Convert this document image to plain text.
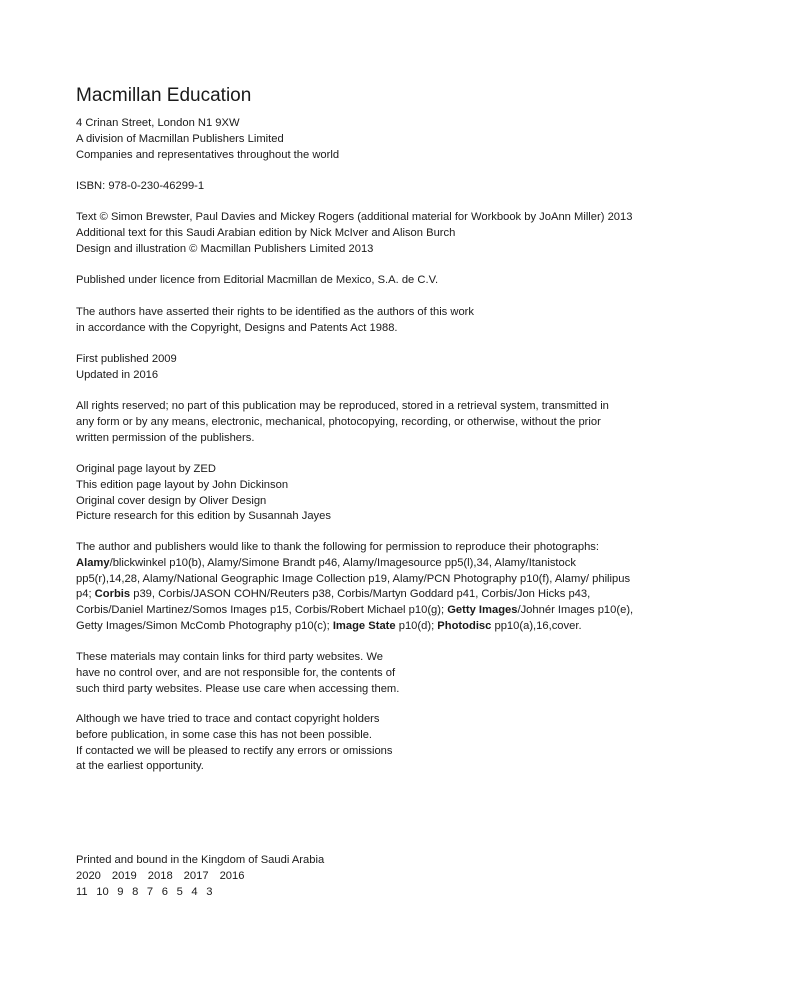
Macmillan Education
4 Crinan Street, London N1 9XW
A division of Macmillan Publishers Limited
Companies and representatives throughout the world
ISBN: 978-0-230-46299-1
Text © Simon Brewster, Paul Davies and Mickey Rogers (additional material for Workbook by JoAnn Miller) 2013
Additional text for this Saudi Arabian edition by Nick McIver and Alison Burch
Design and illustration © Macmillan Publishers Limited 2013
Published under licence from Editorial Macmillan de Mexico, S.A. de C.V.
The authors have asserted their rights to be identified as the authors of this work
in accordance with the Copyright, Designs and Patents Act 1988.
First published 2009
Updated in 2016
All rights reserved; no part of this publication may be reproduced, stored in a retrieval system, transmitted in
any form or by any means, electronic, mechanical, photocopying, recording, or otherwise, without the prior
written permission of the publishers.
Original page layout by ZED
This edition page layout by John Dickinson
Original cover design by Oliver Design
Picture research for this edition by Susannah Jayes
The author and publishers would like to thank the following for permission to reproduce their photographs:
Alamy/blickwinkel p10(b), Alamy/Simone Brandt p46, Alamy/Imagesource pp5(l),34, Alamy/Itanistock pp5(r),14,28, Alamy/National Geographic Image Collection p19, Alamy/PCN Photography p10(f), Alamy/ philipus p4; Corbis p39, Corbis/JASON COHN/Reuters p38, Corbis/Martyn Goddard p41, Corbis/Jon Hicks p43, Corbis/Daniel Martinez/Somos Images p15, Corbis/Robert Michael p10(g); Getty Images/Johnér Images p10(e), Getty Images/Simon McComb Photography p10(c); Image State p10(d); Photodisc pp10(a),16,cover.
These materials may contain links for third party websites. We
have no control over, and are not responsible for, the contents of
such third party websites. Please use care when accessing them.
Although we have tried to trace and contact copyright holders
before publication, in some case this has not been possible.
If contacted we will be pleased to rectify any errors or omissions
at the earliest opportunity.
Printed and bound in the Kingdom of Saudi Arabia
2020 2019 2018 2017 2016
11 10 9 8 7 6 5 4 3
